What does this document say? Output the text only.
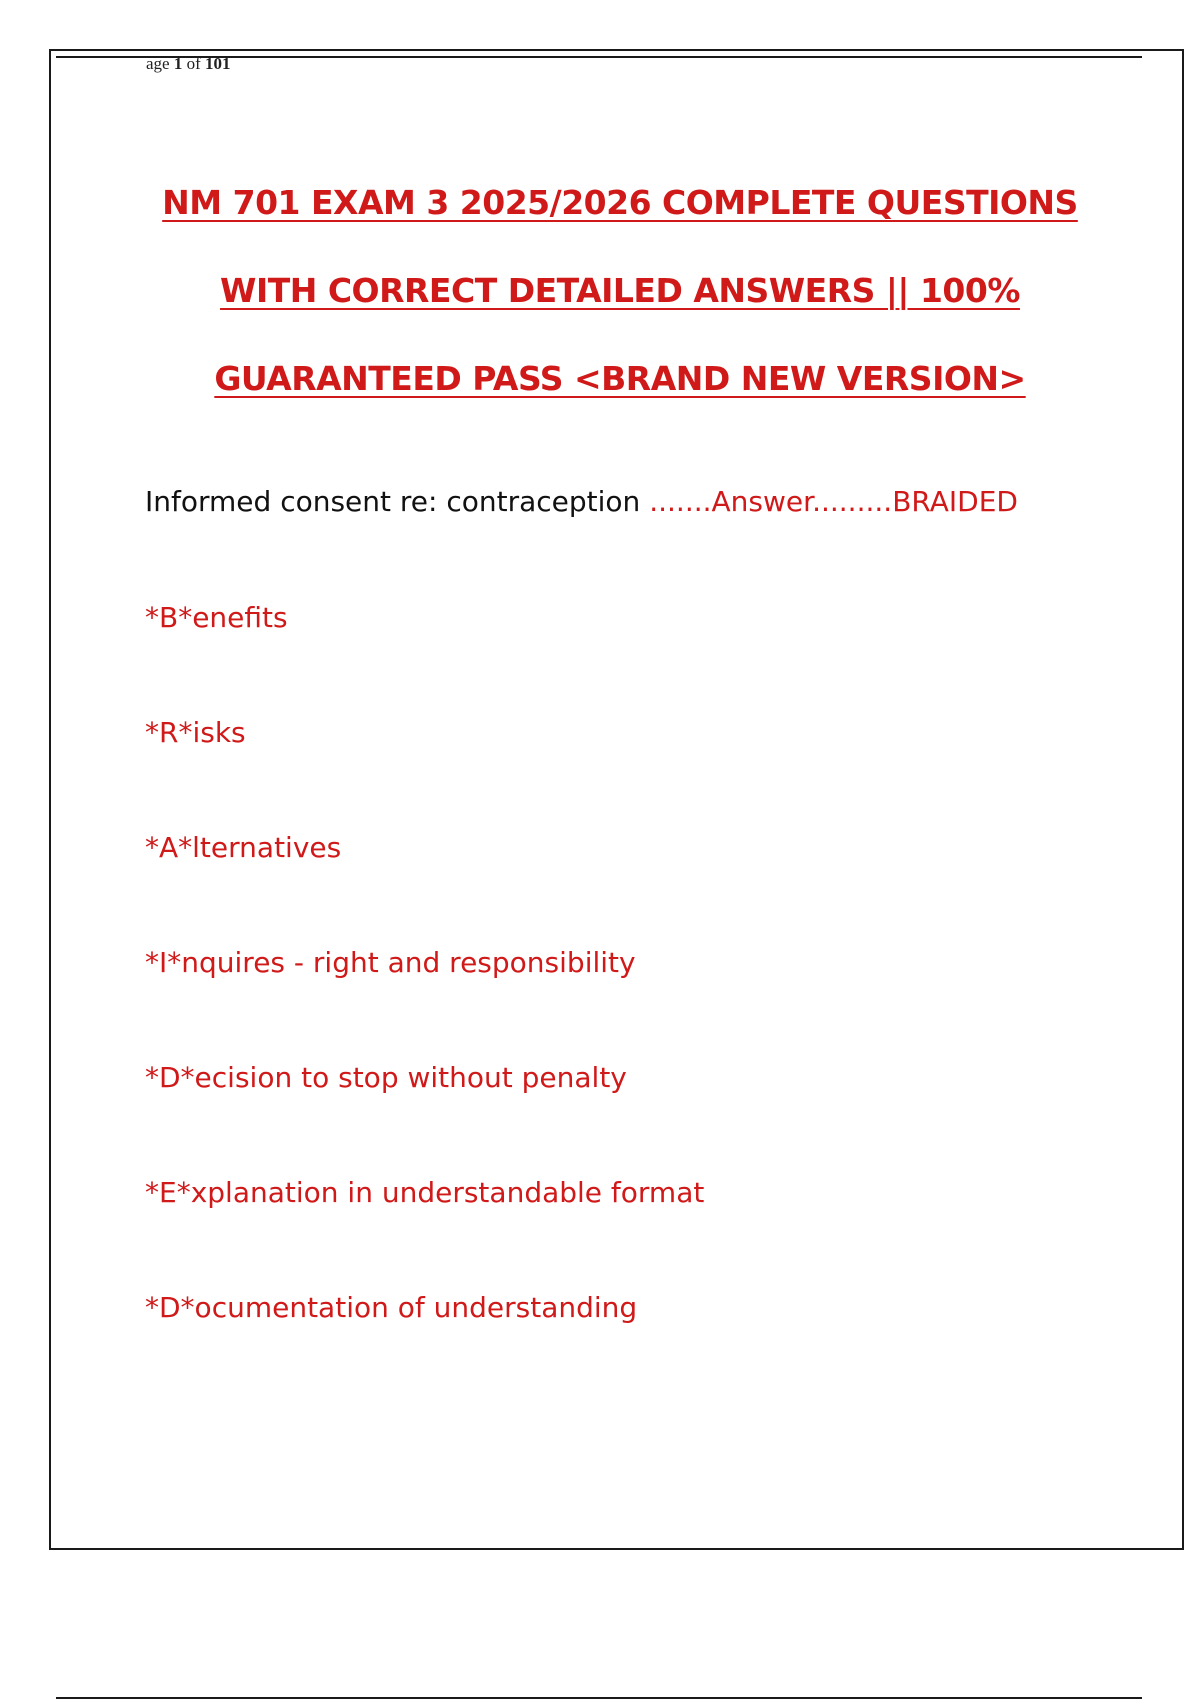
age 1 of 101
NM 701 EXAM 3 2025/2026 COMPLETE QUESTIONS
WITH CORRECT DETAILED ANSWERS || 100%
GUARANTEED PASS <BRAND NEW VERSION>
Informed consent re: contraception .......Answer.........BRAIDED
*B*enefits
*R*isks
*A*lternatives
*I*nquires - right and responsibility
*D*ecision to stop without penalty
*E*xplanation in understandable format
*D*ocumentation of understanding
